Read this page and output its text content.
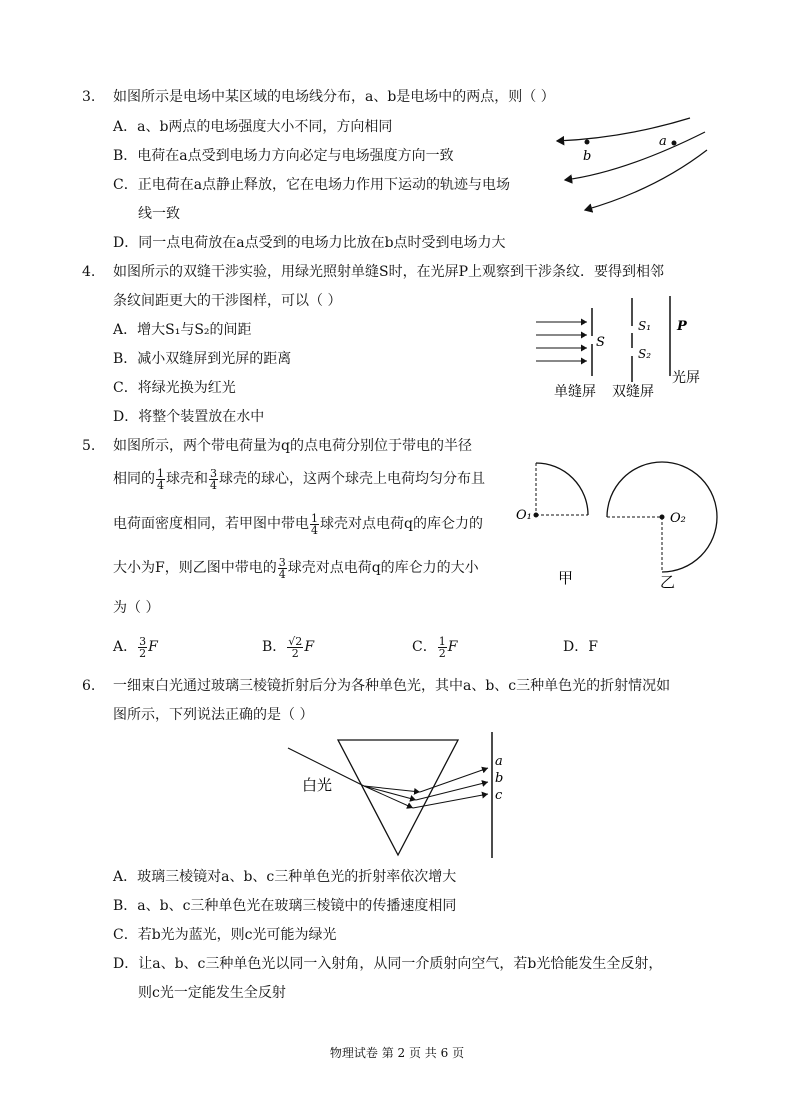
3. 如图所示是电场中某区域的电场线分布，a、b是电场中的两点，则（ ）
A．a、b两点的电场强度大小不同，方向相同
B．电荷在a点受到电场力方向必定与电场强度方向一致
C．正电荷在a点静止释放，它在电场力作用下运动的轨迹与电场
线一致
D．同一点电荷放在a点受到的电场力比放在b点时受到电场力大
a
b
4. 如图所示的双缝干涉实验，用绿光照射单缝S时，在光屏P上观察到干涉条纹．要得到相邻
条纹间距更大的干涉图样，可以（ ）
A．增大S₁与S₂的间距
B．减小双缝屏到光屏的距离
C．将绿光换为红光
D．将整个装置放在水中
S
S₁
S₂
P
单缝屏 双缝屏
光屏
5. 如图所示，两个带电荷量为q的点电荷分别位于带电的半径
相同的 $\frac{1}{4}$ 球壳和 $\frac{3}{4}$ 球壳的球心，这两个球壳上电荷均匀分布且
电荷面密度相同，若甲图中带电 $\frac{1}{4}$ 球壳对点电荷q的库仑力的
大小为F，则乙图中带电的 $\frac{3}{4}$ 球壳对点电荷q的库仑力的大小
为（ ）
A． $\frac{3}{2}$ F	B． $\frac{√2}{2}$ F	C． $\frac{1}{2}$ F	D．F
O₁
甲
O₂
乙
6. 一细束白光通过玻璃三棱镜折射后分为各种单色光，其中a、b、c三种单色光的折射情况如
图所示，下列说法正确的是（ ）
白光
a
b
c
A．玻璃三棱镜对a、b、c三种单色光的折射率依次增大
B．a、b、c三种单色光在玻璃三棱镜中的传播速度相同
C．若b光为蓝光，则c光可能为绿光
D．让a、b、c三种单色光以同一入射角，从同一介质射向空气，若b光恰能发生全反射，
则c光一定能发生全反射
物理试卷 第 2 页 共 6 页
